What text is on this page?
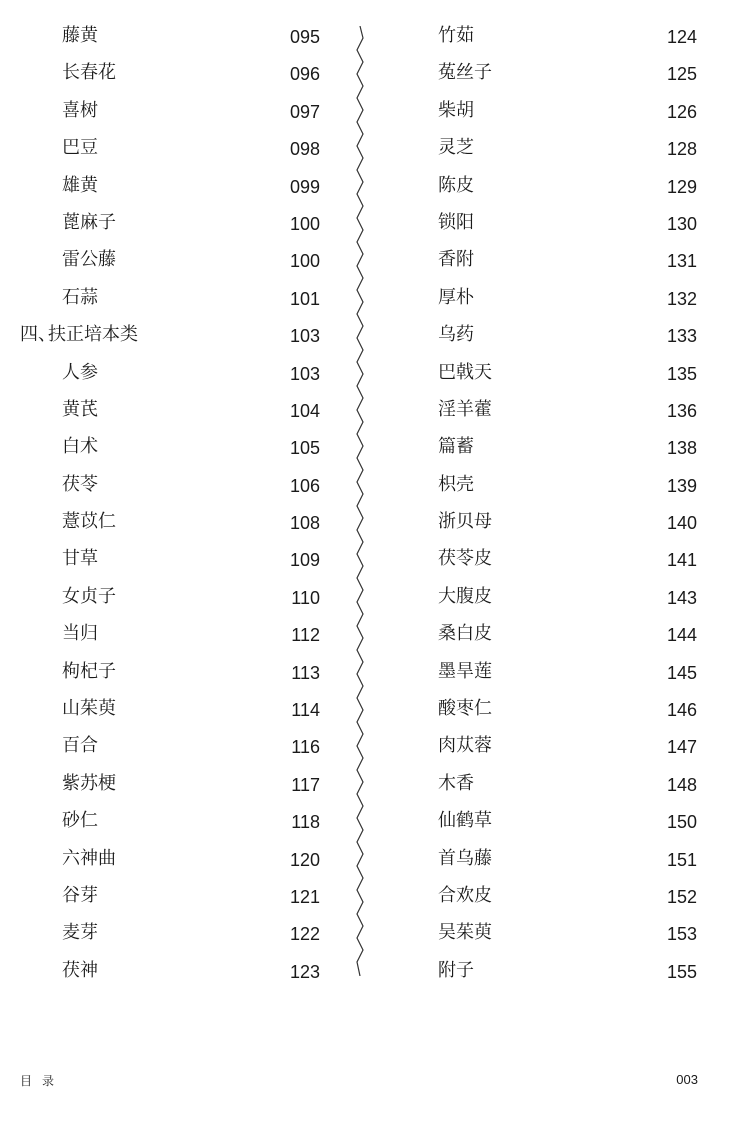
藤黄	095
长春花	096
喜树	097
巴豆	098
雄黄	099
蓖麻子	100
雷公藤	100
石蒜	101
四、
扶正培本类	103
人参	103
黄芪	104
白术	105
茯苓	106
薏苡仁	108
甘草	109
女贞子	110
当归	112
枸杞子	113
山茱萸	114
百合	116
紫苏梗	117
砂仁	118
六神曲	120
谷芽	121
麦芽	122
茯神	123
竹茹	124
菟丝子	125
柴胡	126
灵芝	128
陈皮	129
锁阳	130
香附	131
厚朴	132
乌药	133
巴戟天	135
淫羊藿	136
篇蓄	138
枳壳	139
浙贝母	140
茯苓皮	141
大腹皮	143
桑白皮	144
墨旱莲	145
酸枣仁	146
肉苁蓉	147
木香	148
仙鹤草	150
首乌藤	151
合欢皮	152
吴茱萸	153
附子	155
目录	003
